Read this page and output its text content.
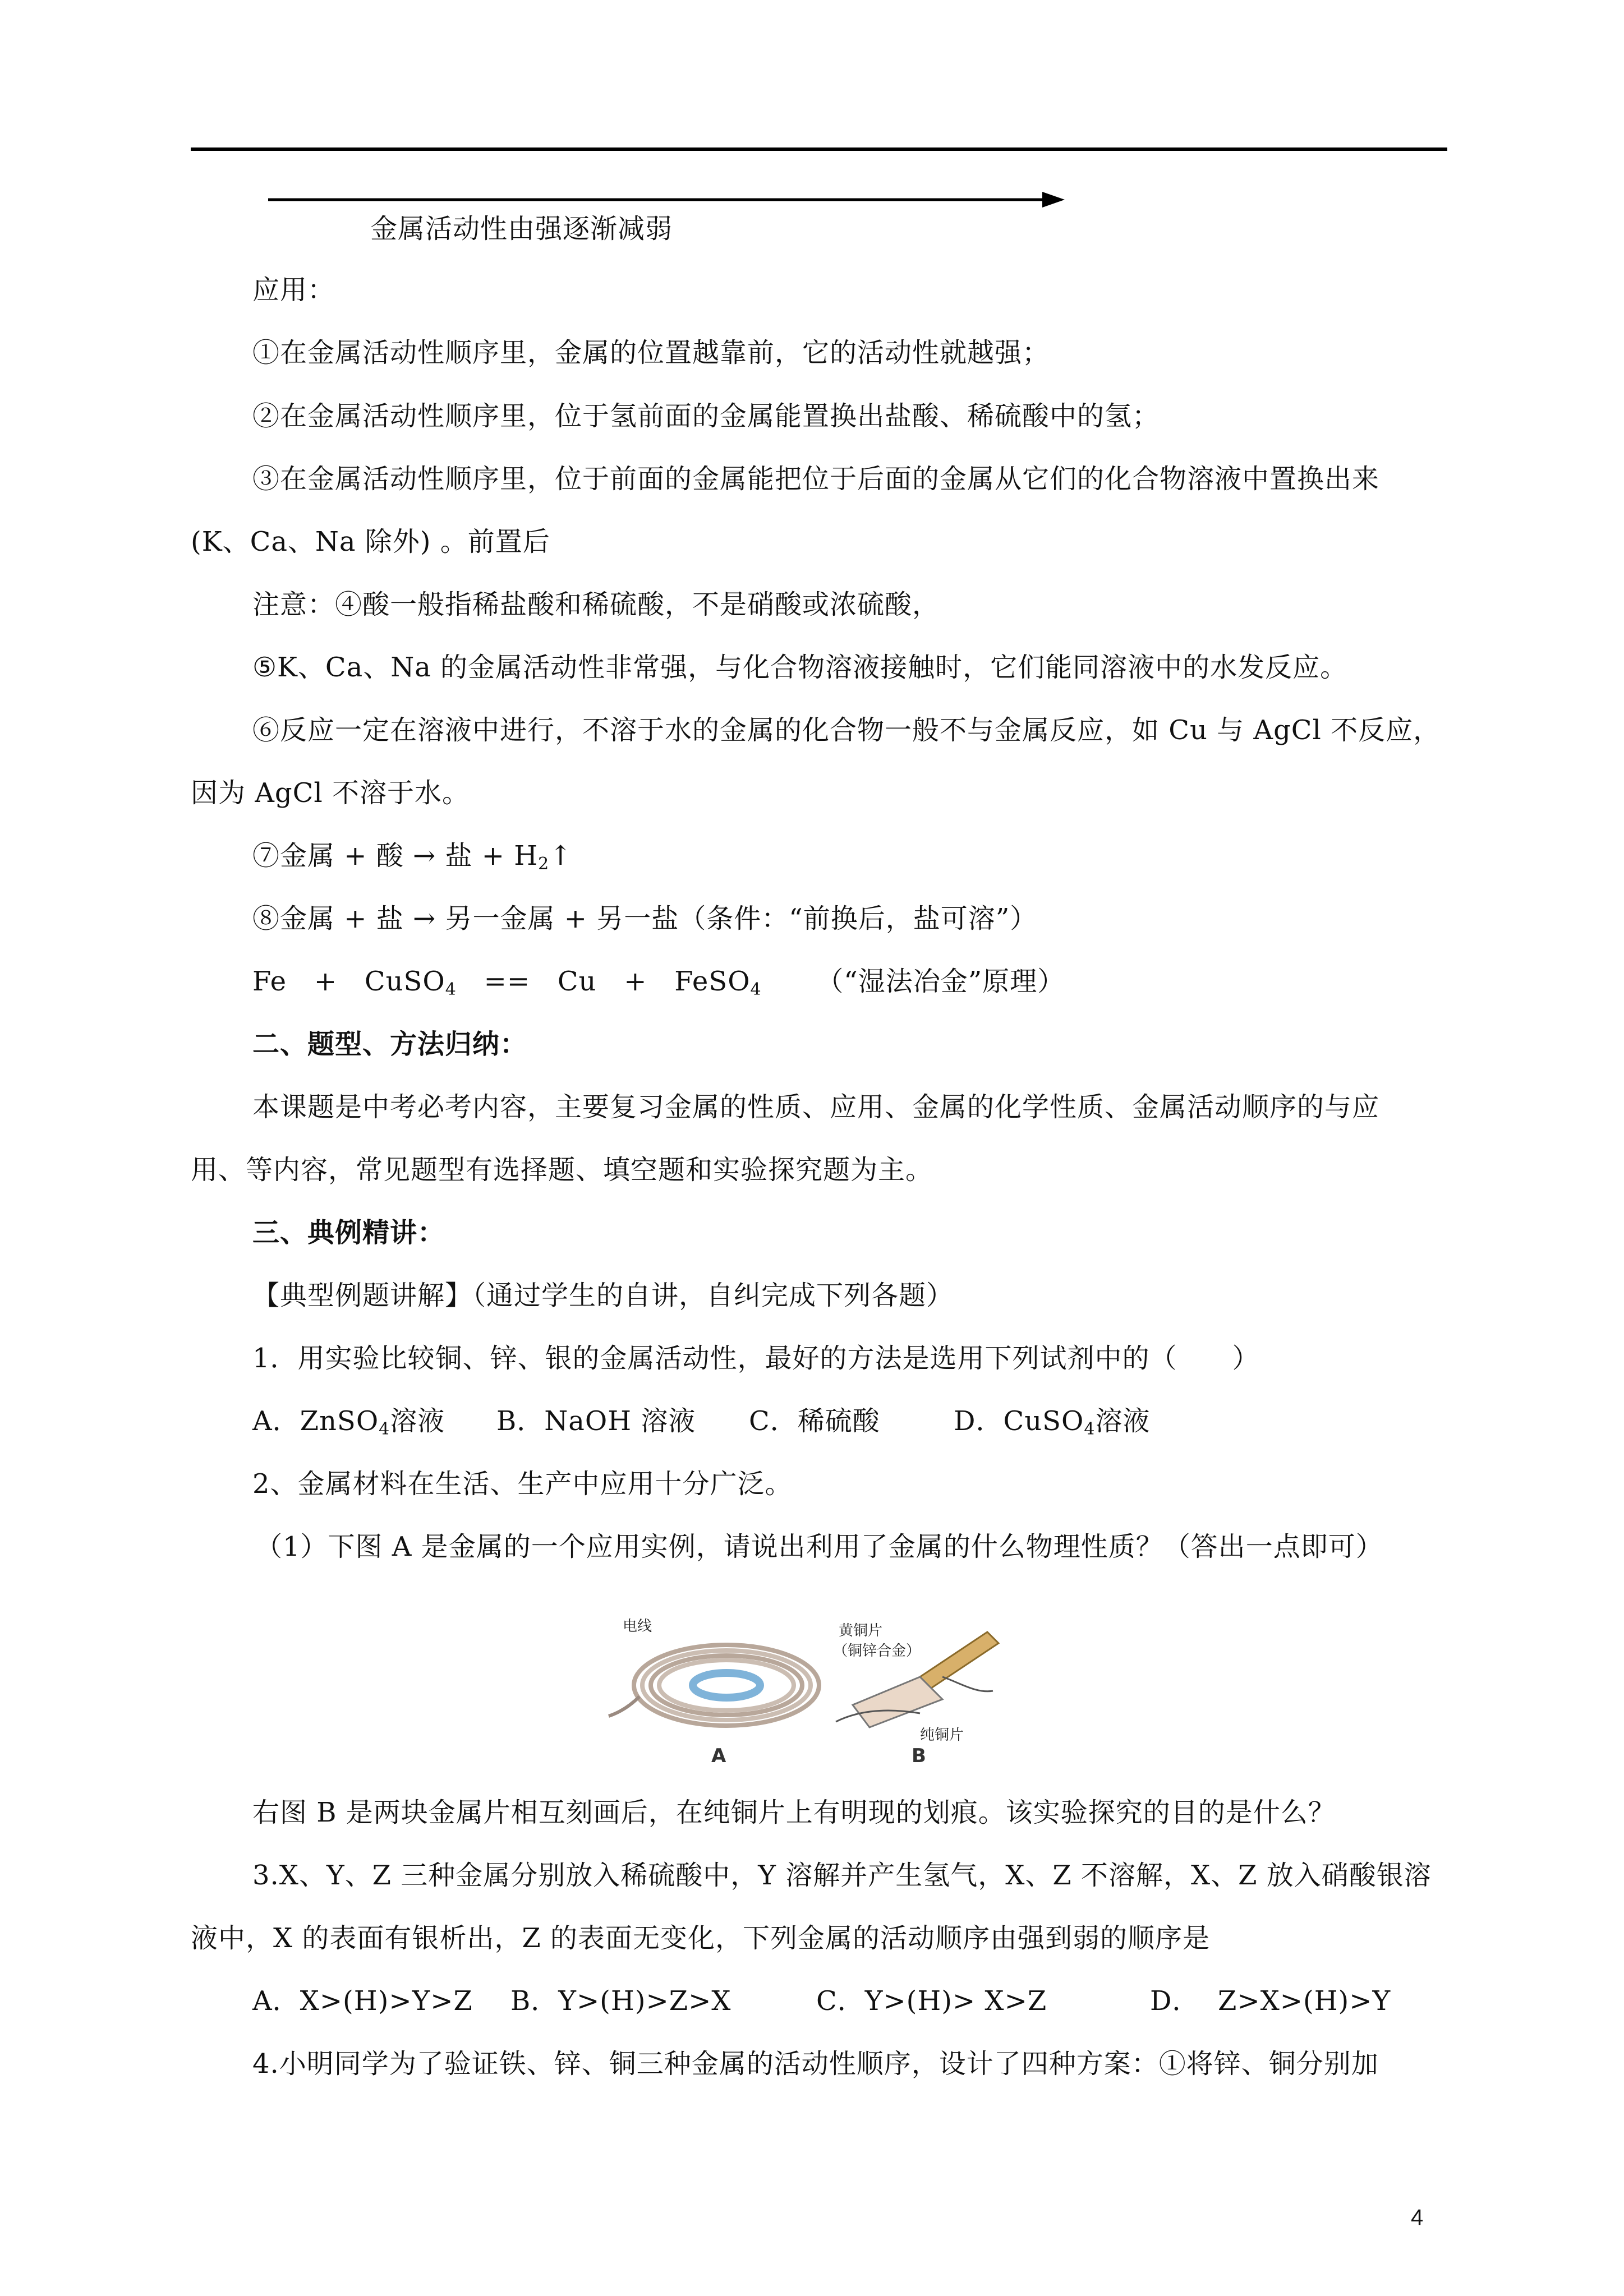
金属活动性由强逐渐减弱
应用：
①在金属活动性顺序里，金属的位置越靠前，它的活动性就越强；
②在金属活动性顺序里，位于氢前面的金属能置换出盐酸、稀硫酸中的氢；
③在金属活动性顺序里，位于前面的金属能把位于后面的金属从它们的化合物溶液中置换出来
(K、Ca、Na 除外) 。前置后
注意：④酸一般指稀盐酸和稀硫酸，不是硝酸或浓硫酸，
⑤K、Ca、Na 的金属活动性非常强，与化合物溶液接触时，它们能同溶液中的水发反应。
⑥反应一定在溶液中进行，不溶于水的金属的化合物一般不与金属反应，如 Cu 与 AgCl 不反应，
因为 AgCl 不溶于水。
⑦金属 + 酸 → 盐 + $H_2↑$
⑧金属 + 盐 → 另一金属 + 另一盐（条件：“前换后，盐可溶”）
Fe   +   CuSO$_4$   ==   Cu   +   FeSO$_4$      （“湿法冶金”原理）
二、题型、方法归纳：
本课题是中考必考内容，主要复习金属的性质、应用、金属的化学性质、金属活动顺序的与应
用、等内容，常见题型有选择题、填空题和实验探究题为主。
三、典例精讲：
【典型例题讲解】（通过学生的自讲，自纠完成下列各题）
1．用实验比较铜、锌、银的金属活动性，最好的方法是选用下列试剂中的（　　）
A．ZnSO$_4$溶液 B．NaOH 溶液 C．稀硫酸	D．CuSO$_4$溶液
2、金属材料在生活、生产中应用十分广泛。
（1）下图 A 是金属的一个应用实例，请说出利用了金属的什么物理性质？（答出一点即可）
电线	黄铜片
（铜锌合金）
纯铜片
A	B
右图 B 是两块金属片相互刻画后，在纯铜片上有明现的划痕。该实验探究的目的是什么？
3.X、Y、Z 三种金属分别放入稀硫酸中，Y 溶解并产生氢气，X、Z 不溶解，X、Z 放入硝酸银溶
液中，X 的表面有银析出，Z 的表面无变化，下列金属的活动顺序由强到弱的顺序是
A．X>(H)>Y>Z B．Y>(H)>Z>X	C．Y>(H)> X>Z	D．  Z>X>(H)>Y
4.小明同学为了验证铁、锌、铜三种金属的活动性顺序，设计了四种方案：①将锌、铜分别加
4
